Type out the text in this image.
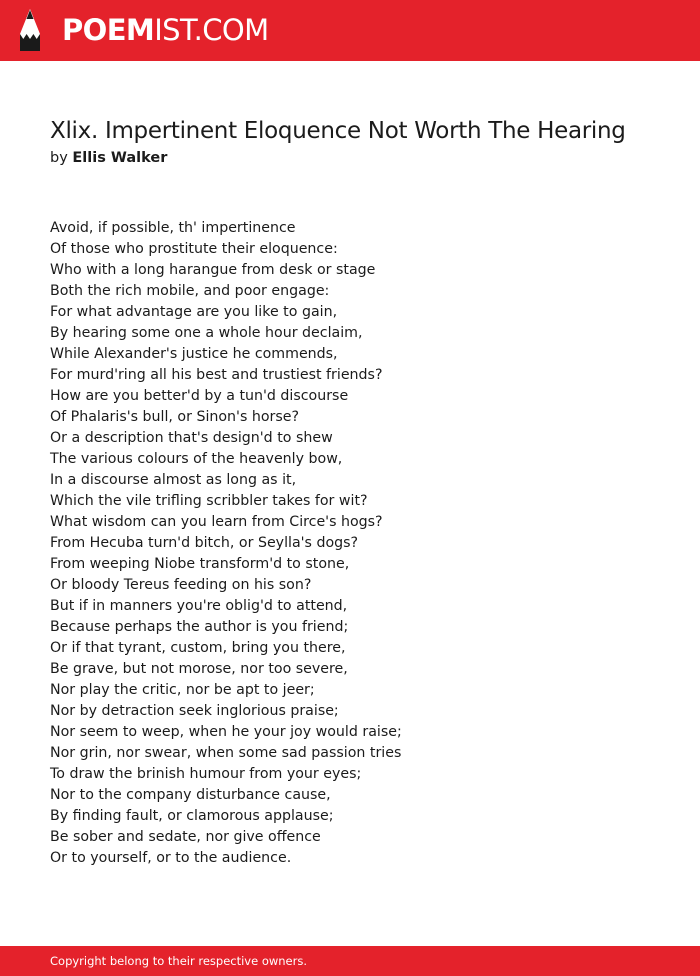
POEMIST.COM
Xlix. Impertinent Eloquence Not Worth The Hearing
by Ellis Walker
Avoid, if possible, th' impertinence
Of those who prostitute their eloquence:
Who with a long harangue from desk or stage
Both the rich mobile, and poor engage:
For what advantage are you like to gain,
By hearing some one a whole hour declaim,
While Alexander's justice he commends,
For murd'ring all his best and trustiest friends?
How are you better'd by a tun'd discourse
Of Phalaris's bull, or Sinon's horse?
Or a description that's design'd to shew
The various colours of the heavenly bow,
In a discourse almost as long as it,
Which the vile trifling scribbler takes for wit?
What wisdom can you learn from Circe's hogs?
From Hecuba turn'd bitch, or Seylla's dogs?
From weeping Niobe transform'd to stone,
Or bloody Tereus feeding on his son?
But if in manners you're oblig'd to attend,
Because perhaps the author is you friend;
Or if that tyrant, custom, bring you there,
Be grave, but not morose, nor too severe,
Nor play the critic, nor be apt to jeer;
Nor by detraction seek inglorious praise;
Nor seem to weep, when he your joy would raise;
Nor grin, nor swear, when some sad passion tries
To draw the brinish humour from your eyes;
Nor to the company disturbance cause,
By finding fault, or clamorous applause;
Be sober and sedate, nor give offence
Or to yourself, or to the audience.
Copyright belong to their respective owners.
